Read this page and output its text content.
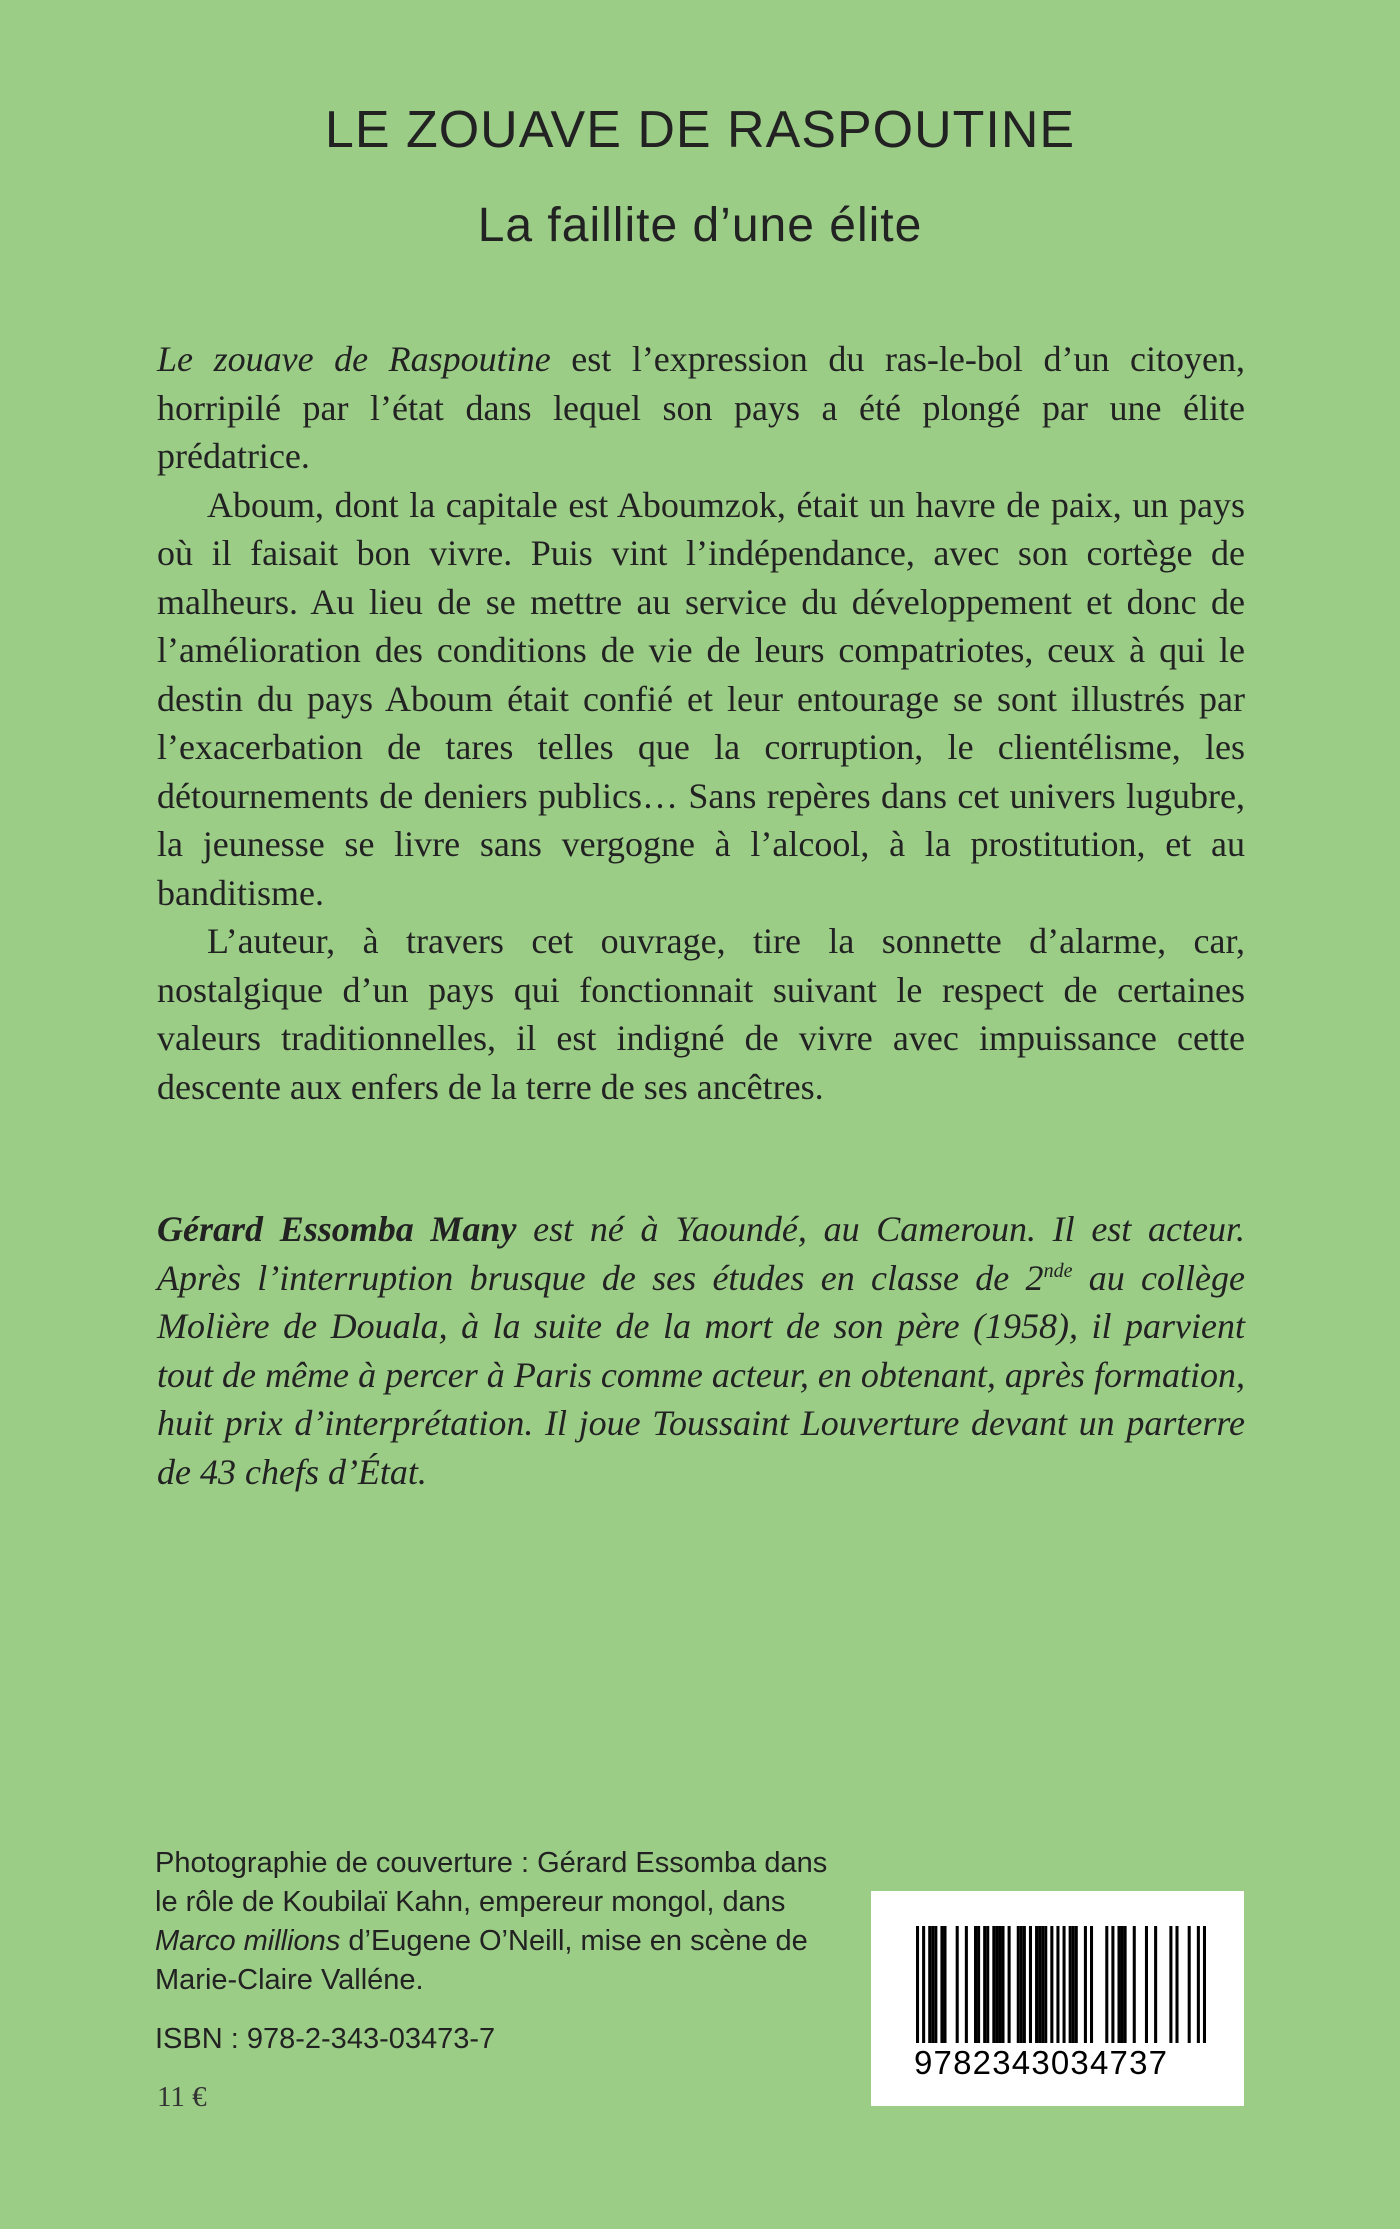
LE ZOUAVE DE RASPOUTINE
La faillite d’une élite

Le zouave de Raspoutine est l’expression du ras-le-bol d’un citoyen, horripilé par l’état dans lequel son pays a été plongé par une élite prédatrice.

Aboum, dont la capitale est Aboumzok, était un havre de paix, un pays où il faisait bon vivre. Puis vint l’indépendance, avec son cortège de malheurs. Au lieu de se mettre au service du développement et donc de l’amélioration des conditions de vie de leurs compatriotes, ceux à qui le destin du pays Aboum était confié et leur entourage se sont illustrés par l’exacerbation de tares telles que la corruption, le clientélisme, les détournements de deniers publics… Sans repères dans cet univers lugubre, la jeunesse se livre sans vergogne à l’alcool, à la prostitution, et au banditisme.

L’auteur, à travers cet ouvrage, tire la sonnette d’alarme, car, nostalgique d’un pays qui fonctionnait suivant le respect de certaines valeurs traditionnelles, il est indigné de vivre avec impuissance cette descente aux enfers de la terre de ses ancêtres.

Gérard Essomba Many est né à Yaoundé, au Cameroun. Il est acteur. Après l’interruption brusque de ses études en classe de 2nde au collège Molière de Douala, à la suite de la mort de son père (1958), il parvient tout de même à percer à Paris comme acteur, en obtenant, après formation, huit prix d’interprétation. Il joue Toussaint Louverture devant un parterre de 43 chefs d’État.

Photographie de couverture : Gérard Essomba dans le rôle de Koubilaï Kahn, empereur mongol, dans Marco millions d’Eugene O’Neill, mise en scène de Marie-Claire Valléne.

ISBN : 978-2-343-03473-7

11 €

9782343034737
